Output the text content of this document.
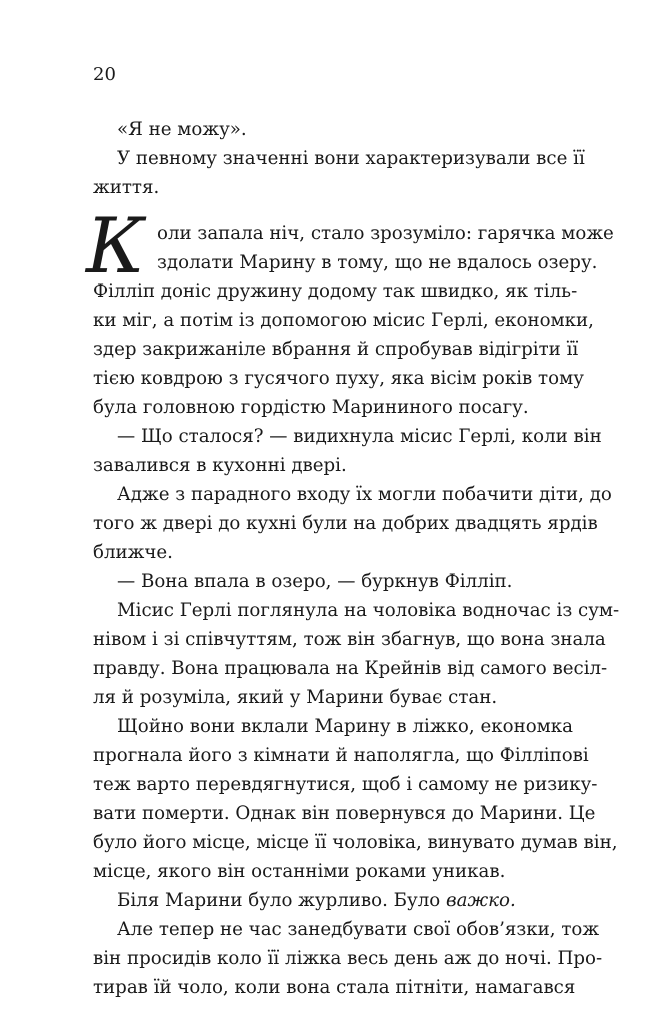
20
«Я не можу».
У певному значенні вони характеризували все її
життя.
К оли запала ніч, стало зрозуміло: гарячка може
здолати Марину в тому, що не вдалось озеру.
Філліп доніс дружину додому так швидко, як тіль-
ки міг, а потім із допомогою місис Герлі, економки,
здер закрижаніле вбрання й спробував відігріти її
тією ковдрою з гусячого пуху, яка вісім років тому
була головною гордістю Марининого посагу.
— Що сталося? — видихнула місис Герлі, коли він
завалився в кухонні двері.
Адже з парадного входу їх могли побачити діти, до
того ж двері до кухні були на добрих двадцять ярдів
ближче.
— Вона впала в озеро, — буркнув Філліп.
Місис Герлі поглянула на чоловіка водночас із сум-
нівом і зі співчуттям, тож він збагнув, що вона знала
правду. Вона працювала на Крейнів від самого весіл-
ля й розуміла, який у Марини буває стан.
Щойно вони вклали Марину в ліжко, економка
прогнала його з кімнати й наполягла, що Філліпові
теж варто перевдягнутися, щоб і самому не ризику-
вати померти. Однак він повернувся до Марини. Це
було його місце, місце її чоловіка, винувато думав він,
місце, якого він останніми роками уникав.
Біля Марини було журливо. Було важко.
Але тепер не час занедбувати свої обов’язки, тож
він просидів коло її ліжка весь день аж до ночі. Про-
тирав їй чоло, коли вона стала пітніти, намагався
